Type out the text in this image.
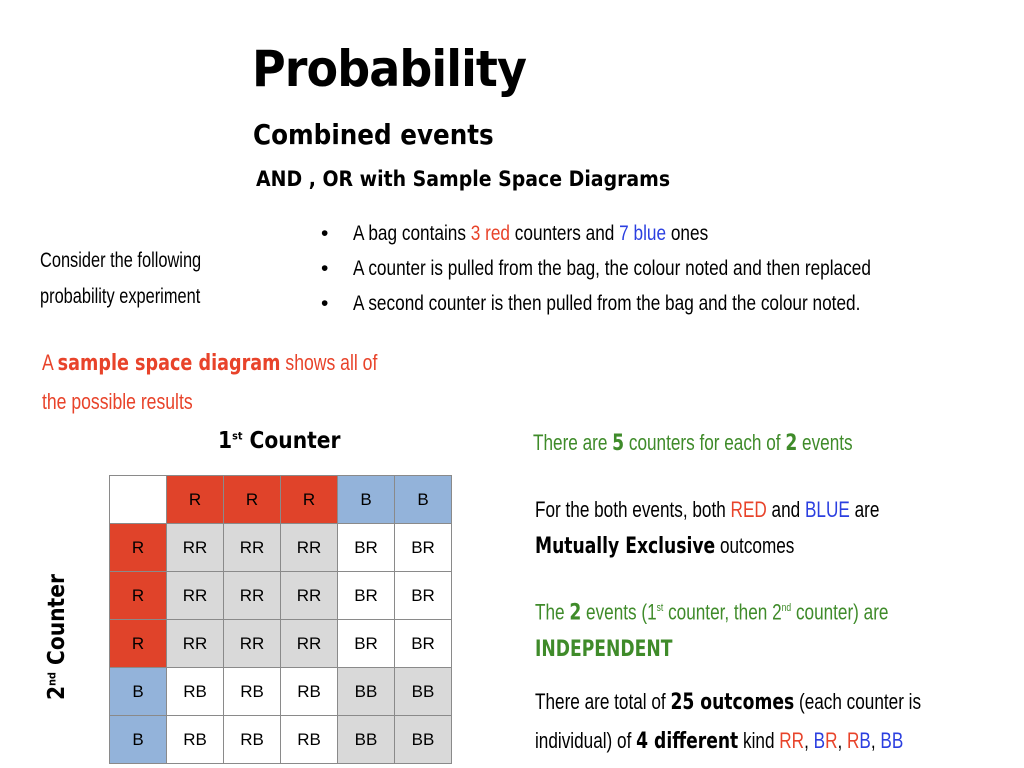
Probability
Combined events
AND , OR with Sample Space Diagrams
Consider the following
probability experiment
• A bag contains 3 red counters and 7 blue ones
• A counter is pulled from the bag, the colour noted and then replaced
• A second counter is then pulled from the bag and the colour noted.
A sample space diagram shows all of the possible results
1st Counter
2nd Counter
	R	R	R	B	B
R	RR	RR	RR	BR	BR
R	RR	RR	RR	BR	BR
R	RR	RR	RR	BR	BR
B	RB	RB	RB	BB	BB
B	RB	RB	RB	BB	BB
There are 5 counters for each of 2 events
For the both events, both RED and BLUE are
Mutually Exclusive outcomes
The 2 events (1st counter, then 2nd counter) are
INDEPENDENT
There are total of 25 outcomes (each counter is
individual) of 4 different kind RR, BR, RB, BB
